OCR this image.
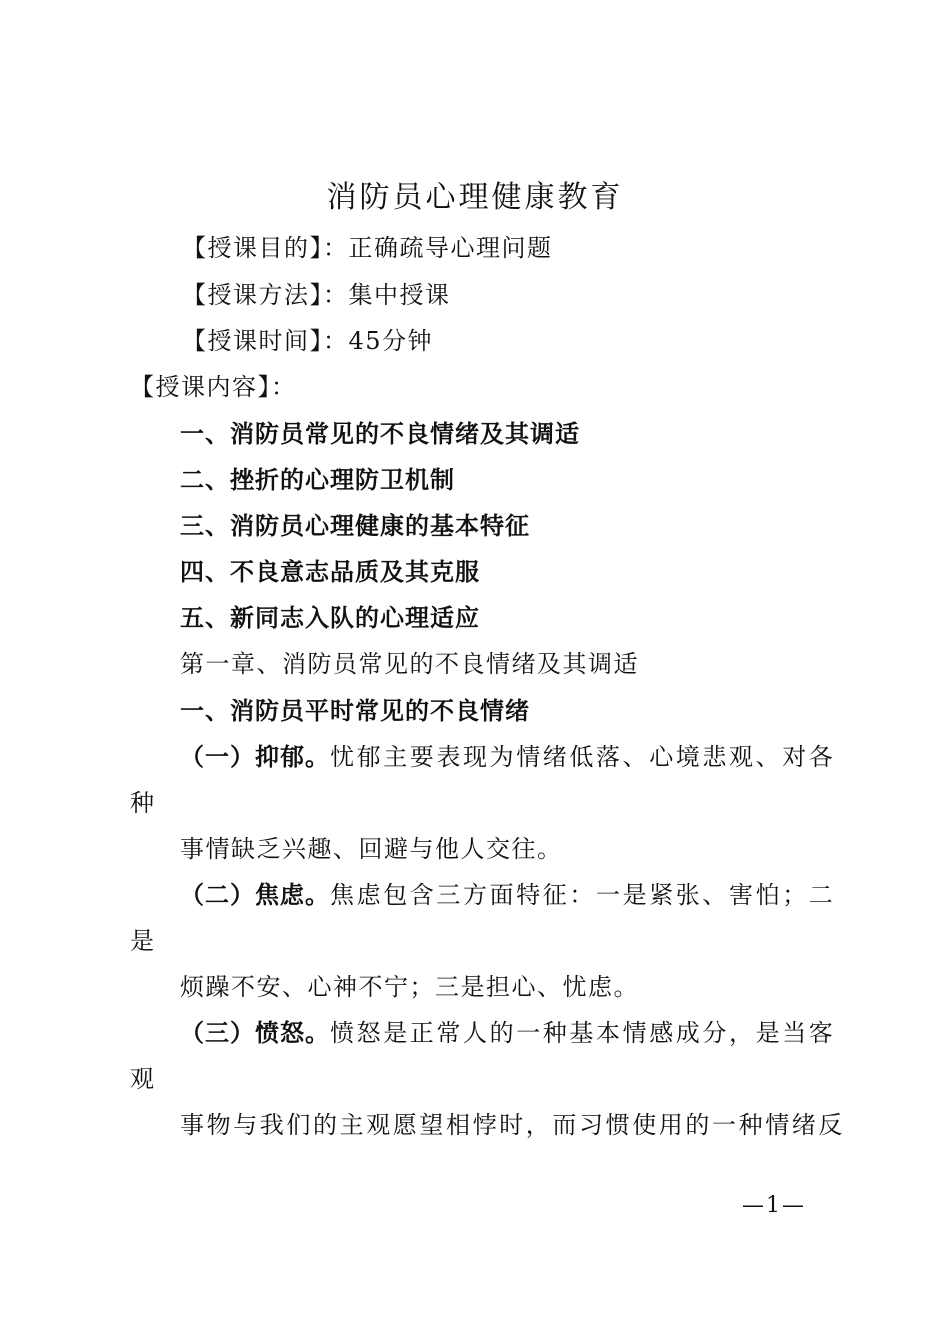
消防员心理健康教育
【授课目的】：正确疏导心理问题
【授课方法】：集中授课
【授课时间】：45分钟
【授课内容】：
一、消防员常见的不良情绪及其调适
二、挫折的心理防卫机制
三、消防员心理健康的基本特征
四、不良意志品质及其克服
五、新同志入队的心理适应
第一章、消防员常见的不良情绪及其调适
一、消防员平时常见的不良情绪
（一）抑郁。忧郁主要表现为情绪低落、心境悲观、对各
种
事情缺乏兴趣、回避与他人交往。
（二）焦虑。焦虑包含三方面特征：一是紧张、害怕；二
是
烦躁不安、心神不宁；三是担心、忧虑。
（三）愤怒。愤怒是正常人的一种基本情感成分，是当客
观
事物与我们的主观愿望相悖时，而习惯使用的一种情绪反
—1—
